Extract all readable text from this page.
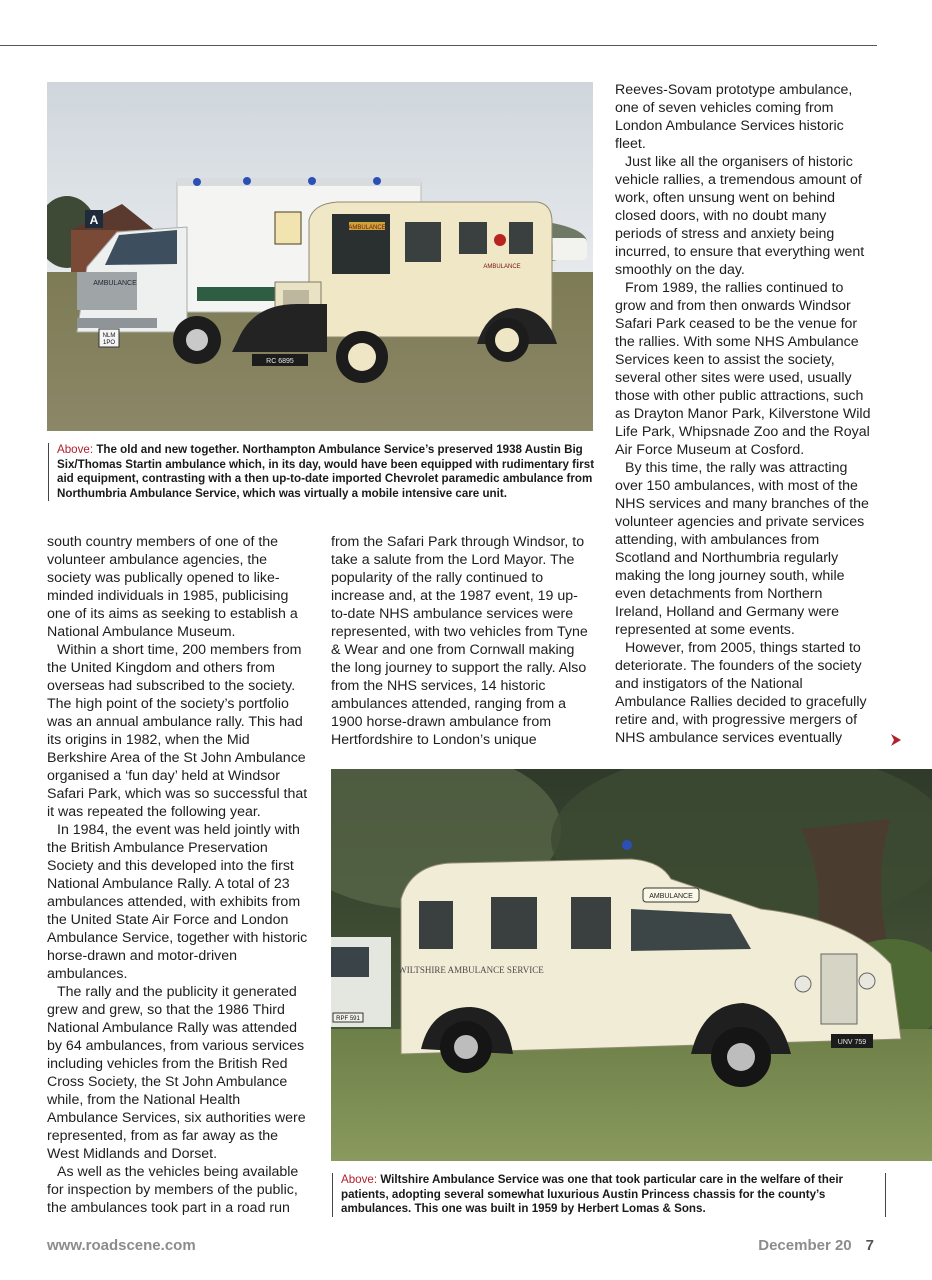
A
NLM
1PO
AMBULANCE
AMBULANCE
AMBULANCE
RC 6895
Above: The old and new together. Northampton Ambulance Service’s preserved 1938 Austin Big Six/Thomas Startin ambulance which, in its day, would have been equipped with rudimentary first aid equipment, contrasting with a then up-to-date imported Chevrolet paramedic ambulance from Northumbria Ambulance Service, which was virtually a mobile intensive care unit.

south country members of one of the volunteer ambulance agencies, the society was publically opened to like-minded individuals in 1985, publicising one of its aims as seeking to establish a National Ambulance Museum.

Within a short time, 200 members from the United Kingdom and others from overseas had subscribed to the society. The high point of the society’s portfolio was an annual ambulance rally. This had its origins in 1982, when the Mid Berkshire Area of the St John Ambulance organised a ‘fun day’ held at Windsor Safari Park, which was so successful that it was repeated the following year.

In 1984, the event was held jointly with the British Ambulance Preservation Society and this developed into the first National Ambulance Rally. A total of 23 ambulances attended, with exhibits from the United State Air Force and London Ambulance Service, together with historic horse-drawn and motor-driven ambulances.

The rally and the publicity it generated grew and grew, so that the 1986 Third National Ambulance Rally was attended by 64 ambulances, from various services including vehicles from the British Red Cross Society, the St John Ambulance while, from the National Health Ambulance Services, six authorities were represented, from as far away as the West Midlands and Dorset.

As well as the vehicles being available for inspection by members of the public, the ambulances took part in a road run

from the Safari Park through Windsor, to take a salute from the Lord Mayor. The popularity of the rally continued to increase and, at the 1987 event, 19 up-to-date NHS ambulance services were represented, with two vehicles from Tyne & Wear and one from Cornwall making the long journey to support the rally. Also from the NHS services, 14 historic ambulances attended, ranging from a 1900 horse-drawn ambulance from Hertfordshire to London’s unique

Reeves-Sovam prototype ambulance, one of seven vehicles coming from London Ambulance Services historic fleet.

Just like all the organisers of historic vehicle rallies, a tremendous amount of work, often unsung went on behind closed doors, with no doubt many periods of stress and anxiety being incurred, to ensure that everything went smoothly on the day.

From 1989, the rallies continued to grow and from then onwards Windsor Safari Park ceased to be the venue for the rallies. With some NHS Ambulance Services keen to assist the society, several other sites were used, usually those with other public attractions, such as Drayton Manor Park, Kilverstone Wild Life Park, Whipsnade Zoo and the Royal Air Force Museum at Cosford.

By this time, the rally was attracting over 150 ambulances, with most of the NHS services and many branches of the volunteer agencies and private services attending, with ambulances from Scotland and Northumbria regularly making the long journey south, while even detachments from Northern Ireland, Holland and Germany were represented at some events.

However, from 2005, things started to deteriorate. The founders of the society and instigators of the National Ambulance Rallies decided to gracefully retire and, with progressive mergers of NHS ambulance services eventually

RPF 591
AMBULANCE
WILTSHIRE AMBULANCE SERVICE
UNV 759
Above: Wiltshire Ambulance Service was one that took particular care in the welfare of their patients, adopting several somewhat luxurious Austin Princess chassis for the county’s ambulances. This one was built in 1959 by Herbert Lomas & Sons.
www.roadscene.com	December 20 7
